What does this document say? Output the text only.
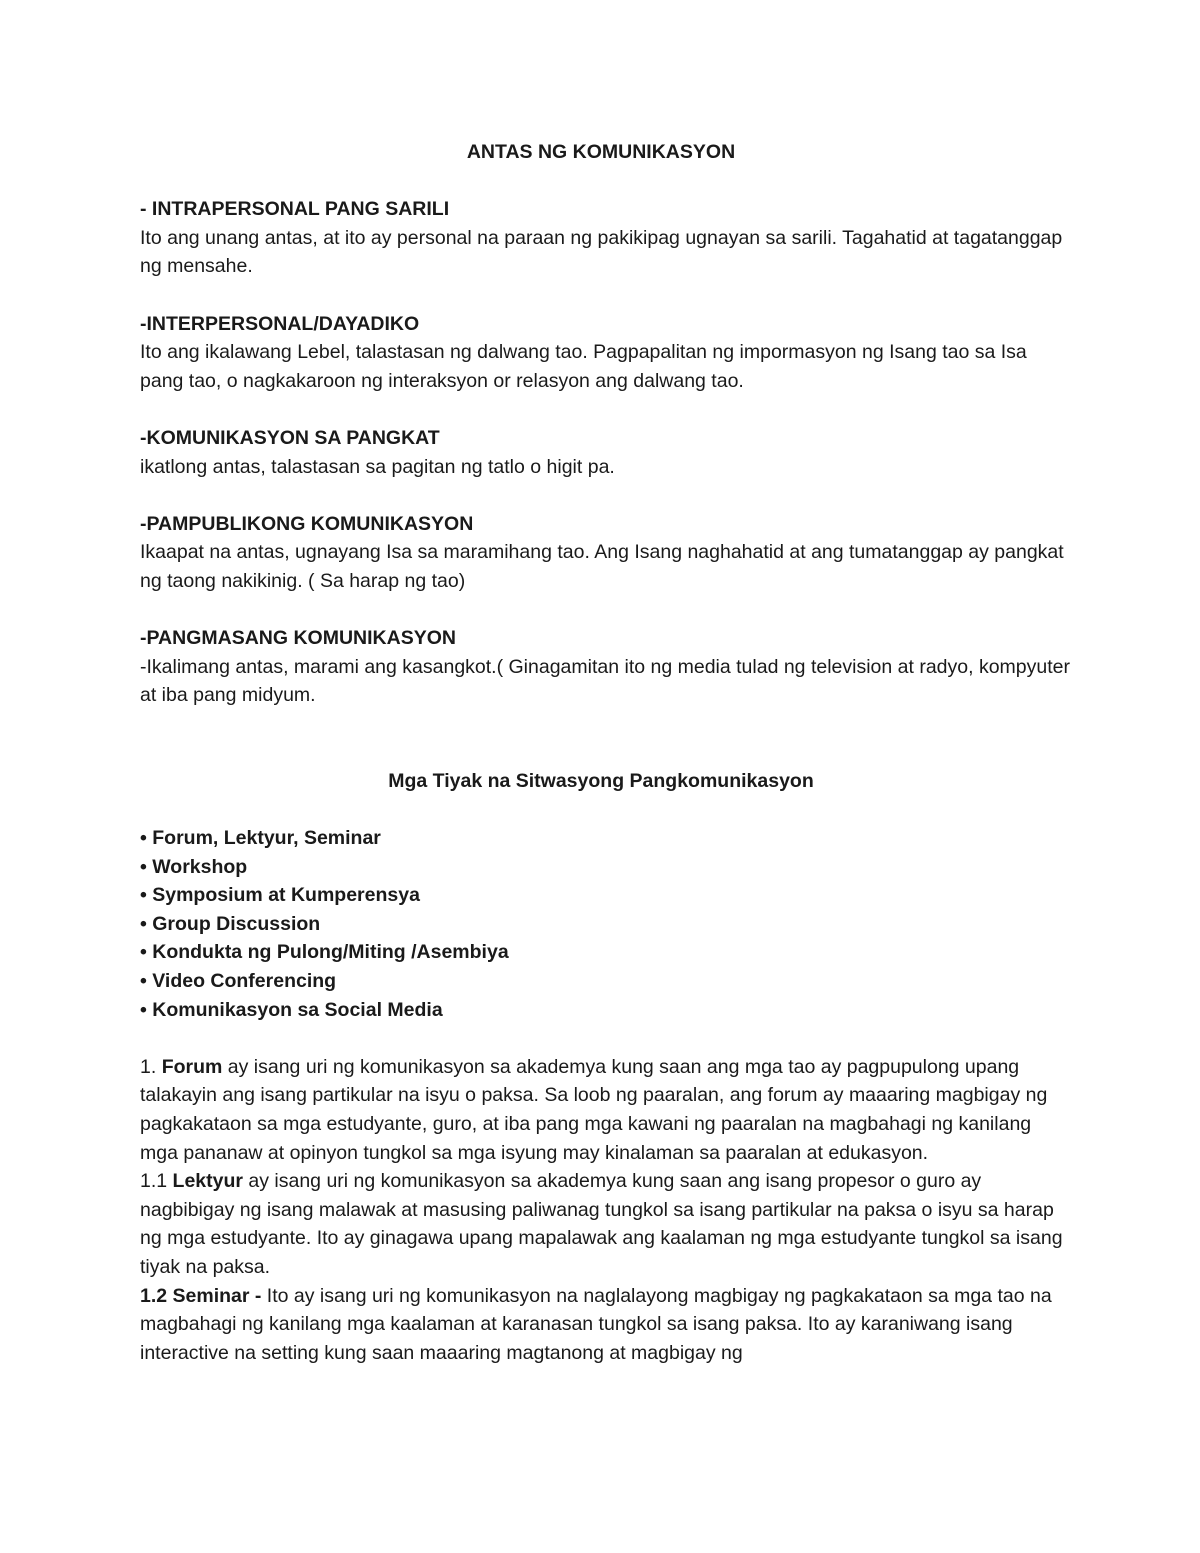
ANTAS NG KOMUNIKASYON
- INTRAPERSONAL PANG SARILI

Ito ang unang antas, at ito ay personal na paraan ng pakikipag ugnayan sa sarili. Tagahatid at tagatanggap ng mensahe.

-INTERPERSONAL/DAYADIKO

Ito ang ikalawang Lebel, talastasan ng dalwang tao. Pagpapalitan ng impormasyon ng Isang tao sa Isa pang tao, o nagkakaroon ng interaksyon or relasyon ang dalwang tao.

-KOMUNIKASYON SA PANGKAT

ikatlong antas, talastasan sa pagitan ng tatlo o higit pa.

-PAMPUBLIKONG KOMUNIKASYON

Ikaapat na antas, ugnayang Isa sa maramihang tao. Ang Isang naghahatid at ang tumatanggap ay pangkat ng taong nakikinig. ( Sa harap ng tao)

-PANGMASANG KOMUNIKASYON

-Ikalimang antas, marami ang kasangkot.( Ginagamitan ito ng media tulad ng television at radyo, kompyuter at iba pang midyum.

Mga Tiyak na Sitwasyong Pangkomunikasyon
• Forum, Lektyur, Seminar
• Workshop
• Symposium at Kumperensya
• Group Discussion
• Kondukta ng Pulong/Miting /Asembiya
• Video Conferencing
• Komunikasyon sa Social Media

1. Forum ay isang uri ng komunikasyon sa akademya kung saan ang mga tao ay pagpupulong upang talakayin ang isang partikular na isyu o paksa. Sa loob ng paaralan, ang forum ay maaaring magbigay ng pagkakataon sa mga estudyante, guro, at iba pang mga kawani ng paaralan na magbahagi ng kanilang mga pananaw at opinyon tungkol sa mga isyung may kinalaman sa paaralan at edukasyon.

1.1 Lektyur ay isang uri ng komunikasyon sa akademya kung saan ang isang propesor o guro ay nagbibigay ng isang malawak at masusing paliwanag tungkol sa isang partikular na paksa o isyu sa harap ng mga estudyante. Ito ay ginagawa upang mapalawak ang kaalaman ng mga estudyante tungkol sa isang tiyak na paksa.

1.2 Seminar - Ito ay isang uri ng komunikasyon na naglalayong magbigay ng pagkakataon sa mga tao na magbahagi ng kanilang mga kaalaman at karanasan tungkol sa isang paksa. Ito ay karaniwang isang interactive na setting kung saan maaaring magtanong at magbigay ng
